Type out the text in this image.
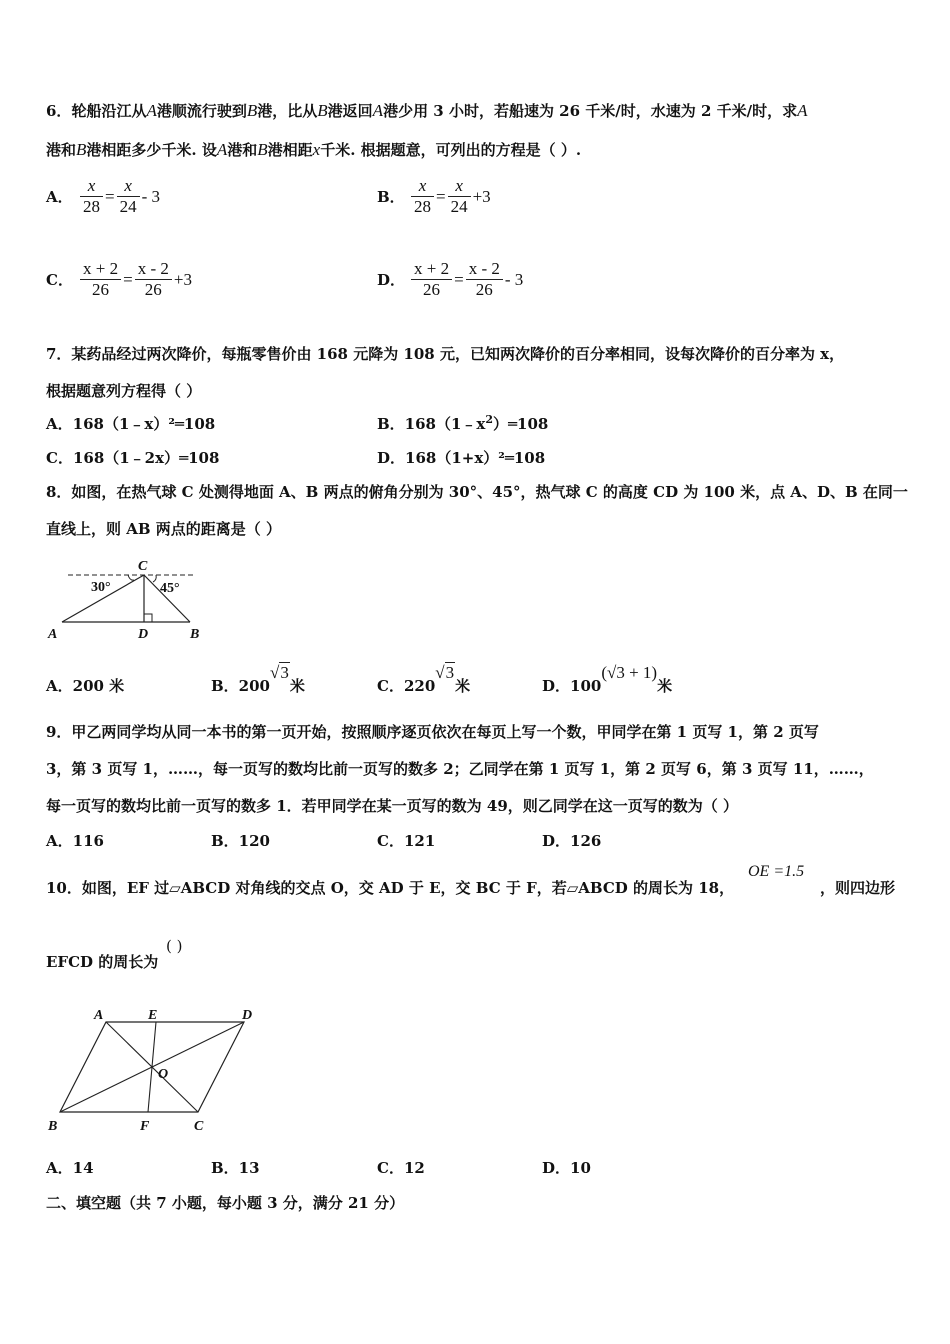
6．轮船沿江从A港顺流行驶到B港，比从B港返回A港少用 3 小时，若船速为 26 千米/时，水速为 2 千米/时，求A
港和B港相距多少千米. 设A港和B港相距x千米. 根据题意，可列出的方程是（ ）.
A． $\frac{x}{28} = \frac{x}{24} - 3$	B． $\frac{x}{28} = \frac{x}{24} +3$
C． $\frac{x + 2}{26} = \frac{x - 2}{26} +3$	D． $\frac{x + 2}{26} = \frac{x - 2}{26} - 3$
7．某药品经过两次降价，每瓶零售价由 168 元降为 108 元，已知两次降价的百分率相同，设每次降价的百分率为 x，
根据题意列方程得（ ）
A．168（1﹣x）²═108	B．$168(1﹣x^2)═108$
C．168（1﹣2x）═108	D．168（1+x）²═108
8．如图，在热气球 C 处测得地面 A、B 两点的俯角分别为 30°、45°，热气球 C 的高度 CD 为 100 米，点 A、D、B 在同一
直线上，则 AB 两点的距离是（ ）
C
A	D	B
30°	45°
A．200 米	B．200√3米	C．220√3米	D．100(√3 + 1)米
9．甲乙两同学均从同一本书的第一页开始，按照顺序逐页依次在每页上写一个数，甲同学在第 1 页写 1，第 2 页写
3，第 3 页写 1，……，每一页写的数均比前一页写的数多 2；乙同学在第 1 页写 1，第 2 页写 6，第 3 页写 11，……，
每一页写的数均比前一页写的数多 1．若甲同学在某一页写的数为 49，则乙同学在这一页写的数为（ ）
A．116	B．120	C．121	D．126
10．如图，EF 过▱ABCD 对角线的交点 O，交 AD 于 E，交 BC 于 F，若▱ABCD 的周长为 18，
OE =1.5
，则四边形
EFCD 的周长为
( )
A	E	D
B	F	C
O
A．14	B．13	C．12	D．10
二、填空题（共 7 小题，每小题 3 分，满分 21 分）
